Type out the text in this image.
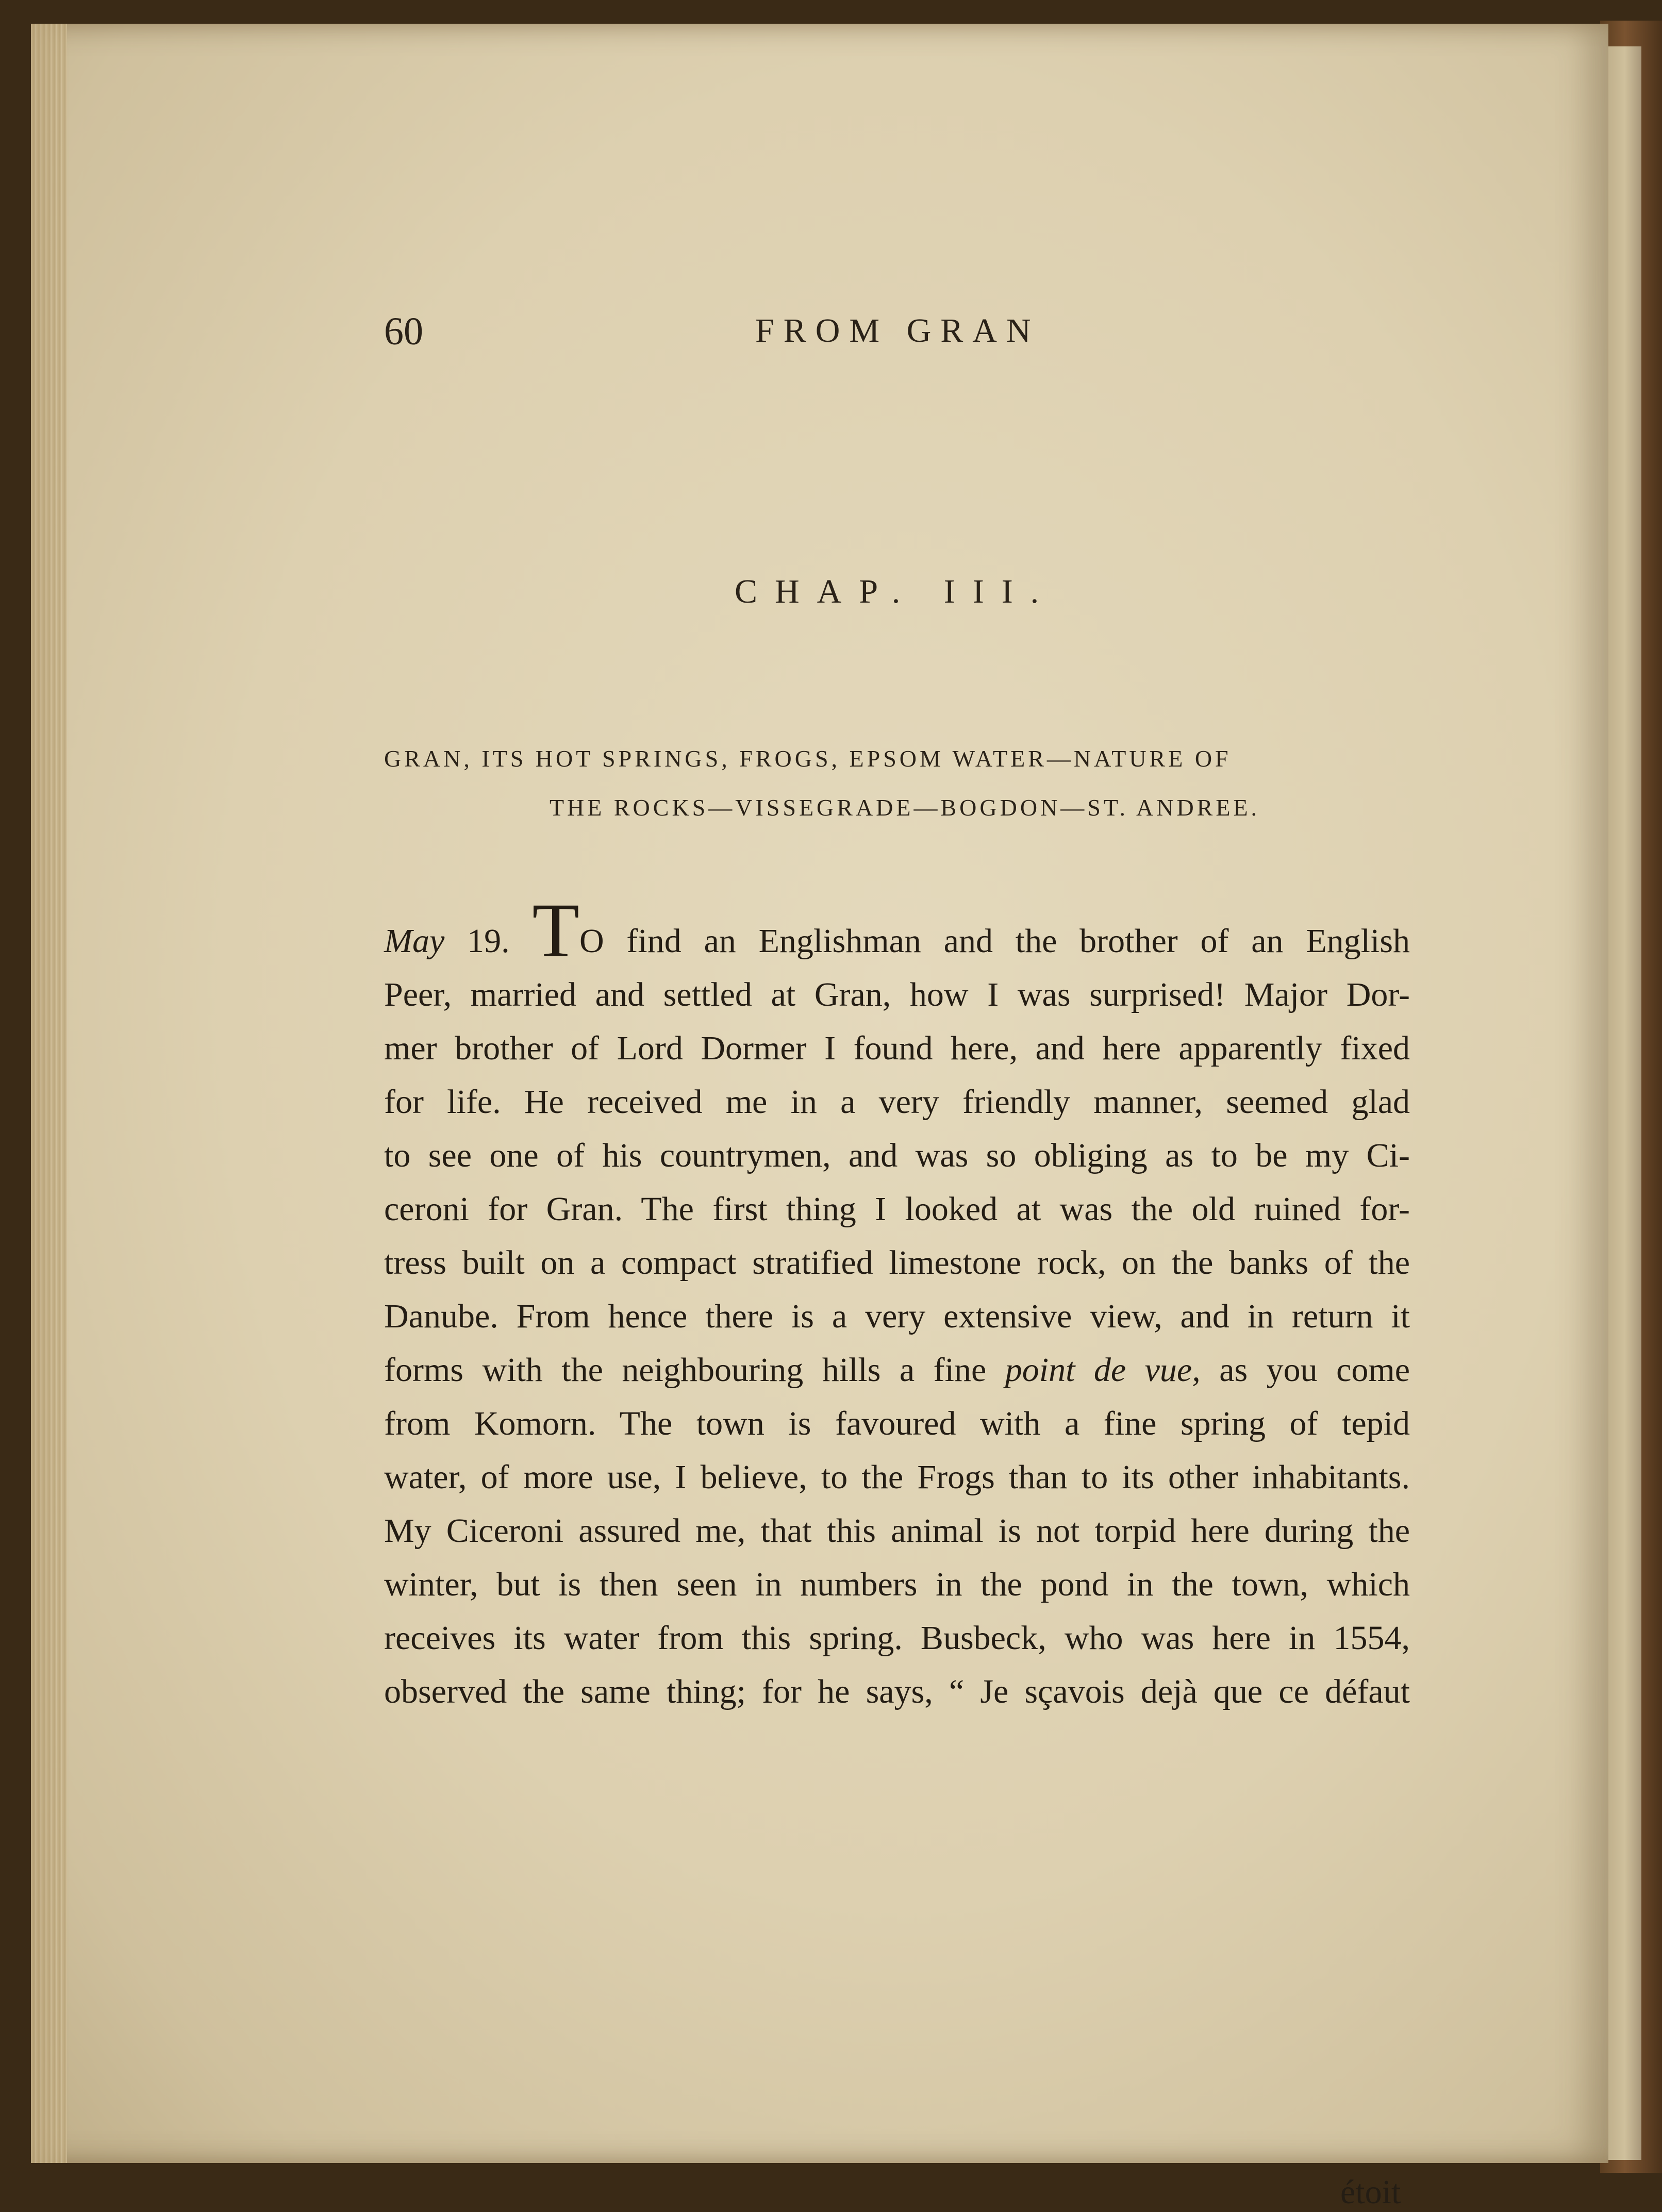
60	FROM GRAN
CHAP. III.
GRAN, ITS HOT SPRINGS, FROGS, EPSOM WATER—NATURE OF
THE ROCKS—VISSEGRADE—BOGDON—ST. ANDREE.
May 19. TO find an Englishman and the brother of an English
Peer, married and settled at Gran, how I was surprised! Major Dor-
mer brother of Lord Dormer I found here, and here apparently fixed
for life. He received me in a very friendly manner, seemed glad
to see one of his countrymen, and was so obliging as to be my Ci-
ceroni for Gran. The first thing I looked at was the old ruined for-
tress built on a compact stratified limestone rock, on the banks of the
Danube. From hence there is a very extensive view, and in return it
forms with the neighbouring hills a fine point de vue, as you come
from Komorn. The town is favoured with a fine spring of tepid
water, of more use, I believe, to the Frogs than to its other inhabitants.
My Ciceroni assured me, that this animal is not torpid here during the
winter, but is then seen in numbers in the pond in the town, which
receives its water from this spring. Busbeck, who was here in 1554,
observed the same thing; for he says, “ Je sçavois dejà que ce défaut
étoit
